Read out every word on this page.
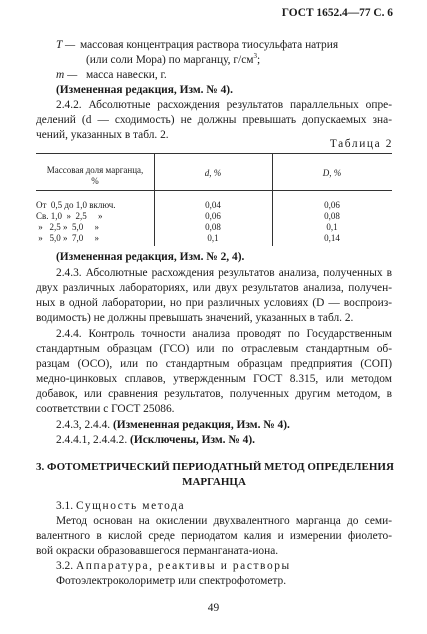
ГОСТ 1652.4—77 С. 6
T — массовая концентрация раствора тиосульфата натрия
(или соли Мора) по марганцу, $г/см^3$;
m — масса навески, г.
(Измененная редакция, Изм. № 4).
2.4.2. Абсолютные расхождения результатов параллельных опре-
делений (d — сходимость) не должны превышать допускаемых зна-
чений, указанных в табл. 2.
Таблица 2
Массовая доля марганца,
%
d, %	D, %
От  0,5 до 1,0 включ.	0,04	0,06
Св. 1,0  »  2,5     »	0,06	0,08
»   2,5 »  5,0     »	0,08	0,1
»   5,0 »  7,0     »	0,1	0,14
(Измененная редакция, Изм. № 2, 4).
2.4.3. Абсолютные расхождения результатов анализа, полученных в
двух различных лабораториях, или двух результатов анализа, получен-
ных в одной лаборатории, но при различных условиях (D — воспроиз-
водимость) не должны превышать значений, указанных в табл. 2.
2.4.4. Контроль точности анализа проводят по Государственным
стандартным образцам (ГСО) или по отраслевым стандартным об-
разцам (ОСО), или по стандартным образцам предприятия (СОП)
медно-цинковых сплавов, утвержденным ГОСТ 8.315, или методом
добавок, или сравнения результатов, полученных другим методом, в
соответствии с ГОСТ 25086.
2.4.3, 2.4.4. (Измененная редакция, Изм. № 4).
2.4.4.1, 2.4.4.2. (Исключены, Изм. № 4).
3. ФОТОМЕТРИЧЕСКИЙ ПЕРИОДАТНЫЙ МЕТОД ОПРЕДЕЛЕНИЯ
МАРГАНЦА
3.1. Сущность метода
Метод основан на окислении двухвалентного марганца до семи-
валентного в кислой среде периодатом калия и измерении фиолето-
вой окраски образовавшегося перманганата-иона.
3.2. Аппаратура, реактивы и растворы
Фотоэлектроколориметр или спектрофотометр.
49
